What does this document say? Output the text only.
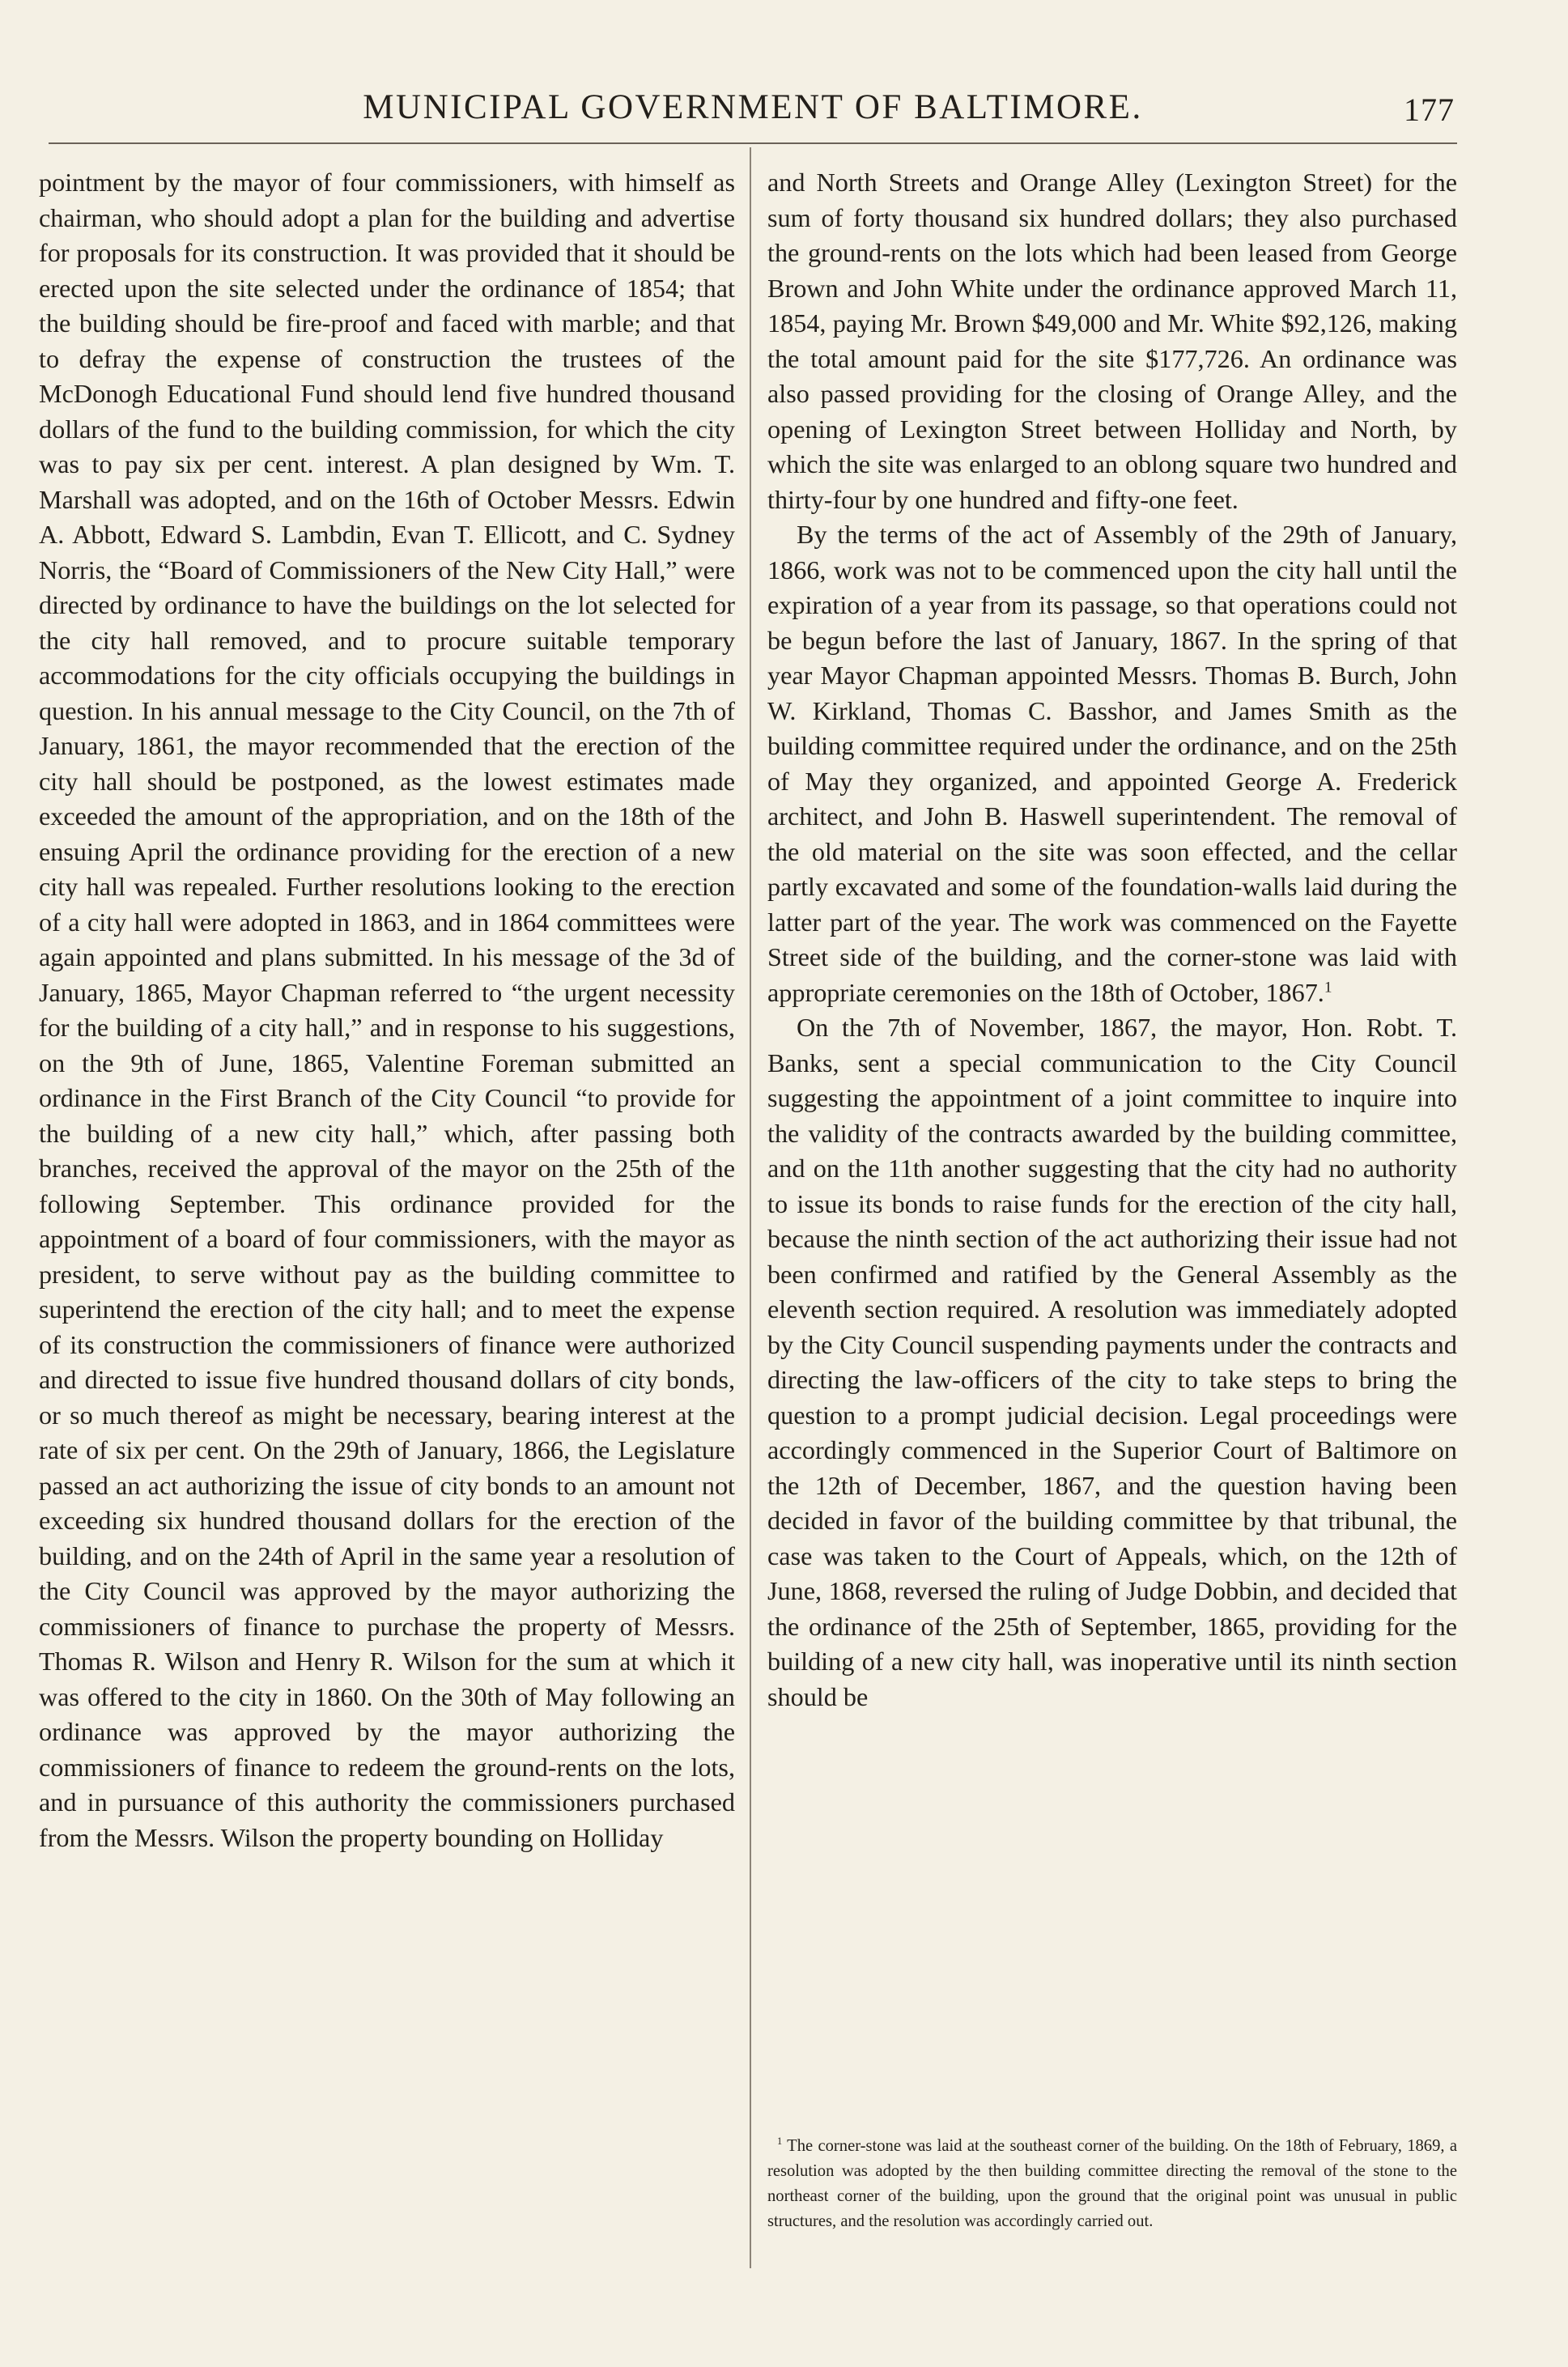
MUNICIPAL GOVERNMENT OF BALTIMORE.	177

pointment by the mayor of four commissioners, with himself as chairman, who should adopt a plan for the building and advertise for proposals for its construction. It was provided that it should be erected upon the site selected under the ordinance of 1854; that the building should be fire-proof and faced with marble; and that to defray the expense of construction the trustees of the McDonogh Educational Fund should lend five hundred thousand dollars of the fund to the building commission, for which the city was to pay six per cent. interest. A plan designed by Wm. T. Marshall was adopted, and on the 16th of October Messrs. Edwin A. Abbott, Edward S. Lambdin, Evan T. Ellicott, and C. Sydney Norris, the “Board of Commissioners of the New City Hall,” were directed by ordinance to have the buildings on the lot selected for the city hall removed, and to procure suitable temporary accommodations for the city officials occupying the buildings in question. In his annual message to the City Council, on the 7th of January, 1861, the mayor recommended that the erection of the city hall should be postponed, as the lowest estimates made exceeded the amount of the appropriation, and on the 18th of the ensuing April the ordinance providing for the erection of a new city hall was repealed. Further resolutions looking to the erection of a city hall were adopted in 1863, and in 1864 committees were again appointed and plans submitted. In his message of the 3d of January, 1865, Mayor Chapman referred to “the urgent necessity for the building of a city hall,” and in response to his suggestions, on the 9th of June, 1865, Valentine Foreman submitted an ordinance in the First Branch of the City Council “to provide for the building of a new city hall,” which, after passing both branches, received the approval of the mayor on the 25th of the following September. This ordinance provided for the appointment of a board of four commissioners, with the mayor as president, to serve without pay as the building committee to superintend the erection of the city hall; and to meet the expense of its construction the commissioners of finance were authorized and directed to issue five hundred thousand dollars of city bonds, or so much thereof as might be necessary, bearing interest at the rate of six per cent. On the 29th of January, 1866, the Legislature passed an act authorizing the issue of city bonds to an amount not exceeding six hundred thousand dollars for the erection of the building, and on the 24th of April in the same year a resolution of the City Council was approved by the mayor authorizing the commissioners of finance to purchase the property of Messrs. Thomas R. Wilson and Henry R. Wilson for the sum at which it was offered to the city in 1860. On the 30th of May following an ordinance was approved by the mayor authorizing the commissioners of finance to redeem the ground-rents on the lots, and in pursuance of this authority the commissioners purchased from the Messrs. Wilson the property bounding on Holliday

and North Streets and Orange Alley (Lexington Street) for the sum of forty thousand six hundred dollars; they also purchased the ground-rents on the lots which had been leased from George Brown and John White under the ordinance approved March 11, 1854, paying Mr. Brown $49,000 and Mr. White $92,126, making the total amount paid for the site $177,726. An ordinance was also passed providing for the closing of Orange Alley, and the opening of Lexington Street between Holliday and North, by which the site was enlarged to an oblong square two hundred and thirty-four by one hundred and fifty-one feet.

By the terms of the act of Assembly of the 29th of January, 1866, work was not to be commenced upon the city hall until the expiration of a year from its passage, so that operations could not be begun before the last of January, 1867. In the spring of that year Mayor Chapman appointed Messrs. Thomas B. Burch, John W. Kirkland, Thomas C. Basshor, and James Smith as the building committee required under the ordinance, and on the 25th of May they organized, and appointed George A. Frederick architect, and John B. Haswell superintendent. The removal of the old material on the site was soon effected, and the cellar partly excavated and some of the foundation-walls laid during the latter part of the year. The work was commenced on the Fayette Street side of the building, and the corner-stone was laid with appropriate ceremonies on the 18th of October, 1867.$^1$

On the 7th of November, 1867, the mayor, Hon. Robt. T. Banks, sent a special communication to the City Council suggesting the appointment of a joint committee to inquire into the validity of the contracts awarded by the building committee, and on the 11th another suggesting that the city had no authority to issue its bonds to raise funds for the erection of the city hall, because the ninth section of the act authorizing their issue had not been confirmed and ratified by the General Assembly as the eleventh section required. A resolution was immediately adopted by the City Council suspending payments under the contracts and directing the law-officers of the city to take steps to bring the question to a prompt judicial decision. Legal proceedings were accordingly commenced in the Superior Court of Baltimore on the 12th of December, 1867, and the question having been decided in favor of the building committee by that tribunal, the case was taken to the Court of Appeals, which, on the 12th of June, 1868, reversed the ruling of Judge Dobbin, and decided that the ordinance of the 25th of September, 1865, providing for the building of a new city hall, was inoperative until its ninth section should be

$^1$ The corner-stone was laid at the southeast corner of the building. On the 18th of February, 1869, a resolution was adopted by the then building committee directing the removal of the stone to the northeast corner of the building, upon the ground that the original point was unusual in public structures, and the resolution was accordingly carried out.
